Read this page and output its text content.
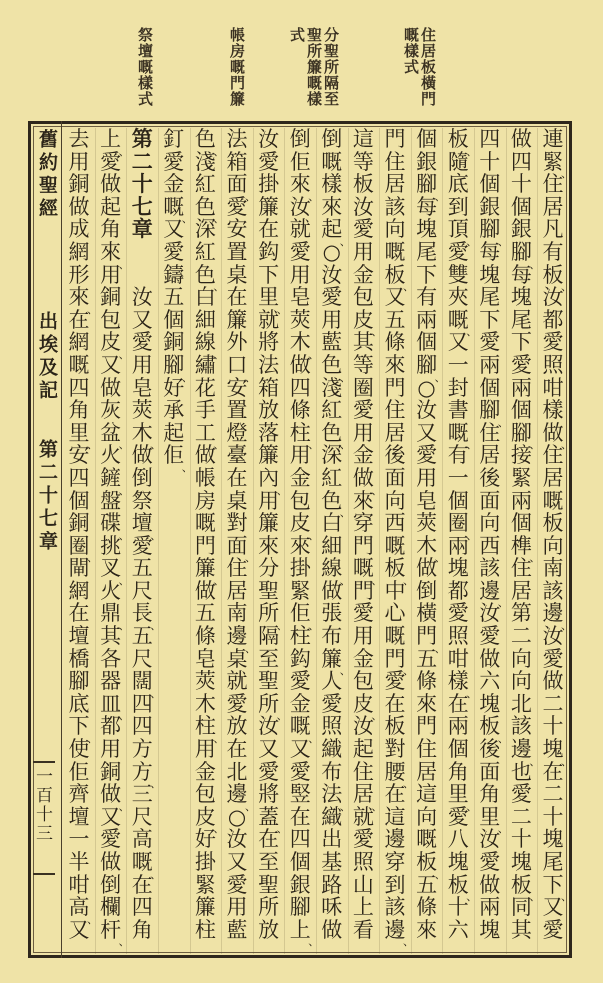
住居板橫門
嘅樣式
分聖所隔至
聖所簾嘅樣
式
帳房嘅門簾
祭壇嘅樣式
舊約聖經
出埃及記
第二十七章
一百十三
連
緊
、
住
居
凡
有
板
、
汝
都
愛
照
咁
樣
做
、
住
居
嘅
板
向
南
該
邊
、
汝
愛
做
二
十
塊
、
在
二
十
塊
尾
下
、
又
愛
做
四
十
個
銀
腳
、
每
塊
尾
下
愛
兩
個
腳
、
接
緊
兩
個
榫
、
住
居
第
二
向
向
北
該
邊
、
也
愛
二
十
塊
板
、
同
其
四
十
個
銀
腳
、
每
塊
尾
下
愛
兩
個
腳
、
住
居
後
面
向
西
該
邊
、
汝
愛
做
六
塊
板
、
後
面
角
里
、
汝
愛
做
兩
塊
板
、
隨
底
到
頂
、
愛
雙
夾
嘅
、
又
一
封
書
嘅
、
有
一
個
圈
、
兩
塊
都
愛
照
咁
樣
、
在
兩
個
角
里
、
愛
八
塊
板
、
十
六
個
銀
腳
、
每
塊
尾
下
有
兩
個
腳
、
○
汝
又
愛
用
皂
莢
木
、
做
倒
橫
門
、
五
條
來
門
住
居
這
向
嘅
板
、
五
條
來
門
住
居
該
向
嘅
板
、
又
五
條
來
門
住
居
後
面
向
西
嘅
板
、
中
心
嘅
門
、
愛
在
板
對
腰
、
在
這
邊
穿
到
該
邊
、
這
等
板
汝
愛
用
金
包
皮
、
其
等
圈
愛
用
金
做
、
來
穿
門
嘅
、
門
愛
用
金
包
皮
、
汝
起
住
居
、
就
愛
照
山
上
看
倒
嘅
樣
來
起
、
○
汝
愛
用
藍
色
、
淺
紅
色
、
深
紅
色
、
白
細
線
、
做
張
布
簾
、
人
愛
照
織
布
法
、
織
出
基
路
咊
做
倒
佢
來
、
汝
就
愛
用
皂
莢
木
、
做
四
條
柱
、
用
金
包
皮
、
來
掛
緊
佢
、
柱
鈎
愛
金
嘅
、
又
愛
竪
在
四
個
銀
腳
上
、
汝
愛
掛
簾
在
鈎
下
里
、
就
將
法
箱
放
落
簾
內
、
用
簾
來
分
聖
所
、
隔
至
聖
所
、
汝
又
愛
將
蓋
、
在
至
聖
所
放
法
箱
面
、
愛
安
置
桌
在
簾
外
口
、
安
置
燈
臺
在
桌
對
面
、
住
居
南
邊
、
桌
就
愛
放
在
北
邊
、
○
汝
又
愛
用
藍
色
、
淺
紅
色
、
深
紅
色
、
白
細
線
、
繡
花
手
工
、
做
帳
房
嘅
門
簾
、
做
五
條
皂
莢
木
柱
、
用
金
包
皮
、
好
掛
緊
簾
柱
釘
愛
金
嘅
、
又
愛
鑄
五
個
銅
腳
、
好
承
起
佢
、
第
二
十
七
章

汝
又
愛
用
皂
莢
木
、
做
倒
祭
壇
、
愛
五
尺
長
、
五
尺
闊
、
四
四
方
方
、
三
尺
高
嘅
、
在
四
角
上
、
愛
做
起
角
來
、
用
銅
包
皮
、
又
做
灰
盆
、
火
鏟
、
盤
碟
、
挑
叉
、
火
鼎
、
其
各
器
皿
、
都
用
銅
做
、
又
愛
做
倒
欄
杆
、
去
用
銅
做
成
網
形
來
、
在
網
嘅
四
角
里
、
安
四
個
銅
圈
、
閘
網
在
壇
橋
腳
底
下
、
使
佢
齊
壇
一
半
咁
高
、
又
